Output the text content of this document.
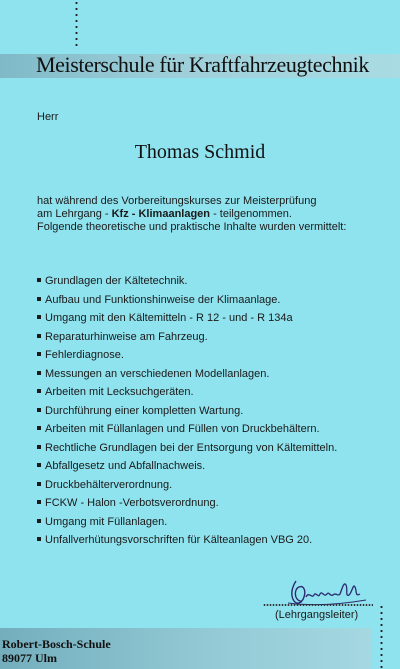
Meisterschule für Kraftfahrzeugtechnik
Herr
Thomas Schmid
hat während des Vorbereitungskurses zur Meisterprüfung
am Lehrgang - Kfz - Klimaanlagen - teilgenommen.
Folgende theoretische und praktische Inhalte wurden vermittelt:
Grundlagen der Kältetechnik.
Aufbau und Funktionshinweise der Klimaanlage.
Umgang mit den Kältemitteln - R 12 - und - R 134a
Reparaturhinweise am Fahrzeug.
Fehlerdiagnose.
Messungen an verschiedenen Modellanlagen.
Arbeiten mit Lecksuchgeräten.
Durchführung einer kompletten Wartung.
Arbeiten mit Füllanlagen und Füllen von Druckbehältern.
Rechtliche Grundlagen bei der Entsorgung von Kältemitteln.
Abfallgesetz und Abfallnachweis.
Druckbehälterverordnung.
FCKW - Halon -Verbotsverordnung.
Umgang mit Füllanlagen.
Unfallverhütungsvorschriften für Kälteanlagen VBG 20.
(Lehrgangsleiter)
Robert-Bosch-Schule
89077 Ulm
